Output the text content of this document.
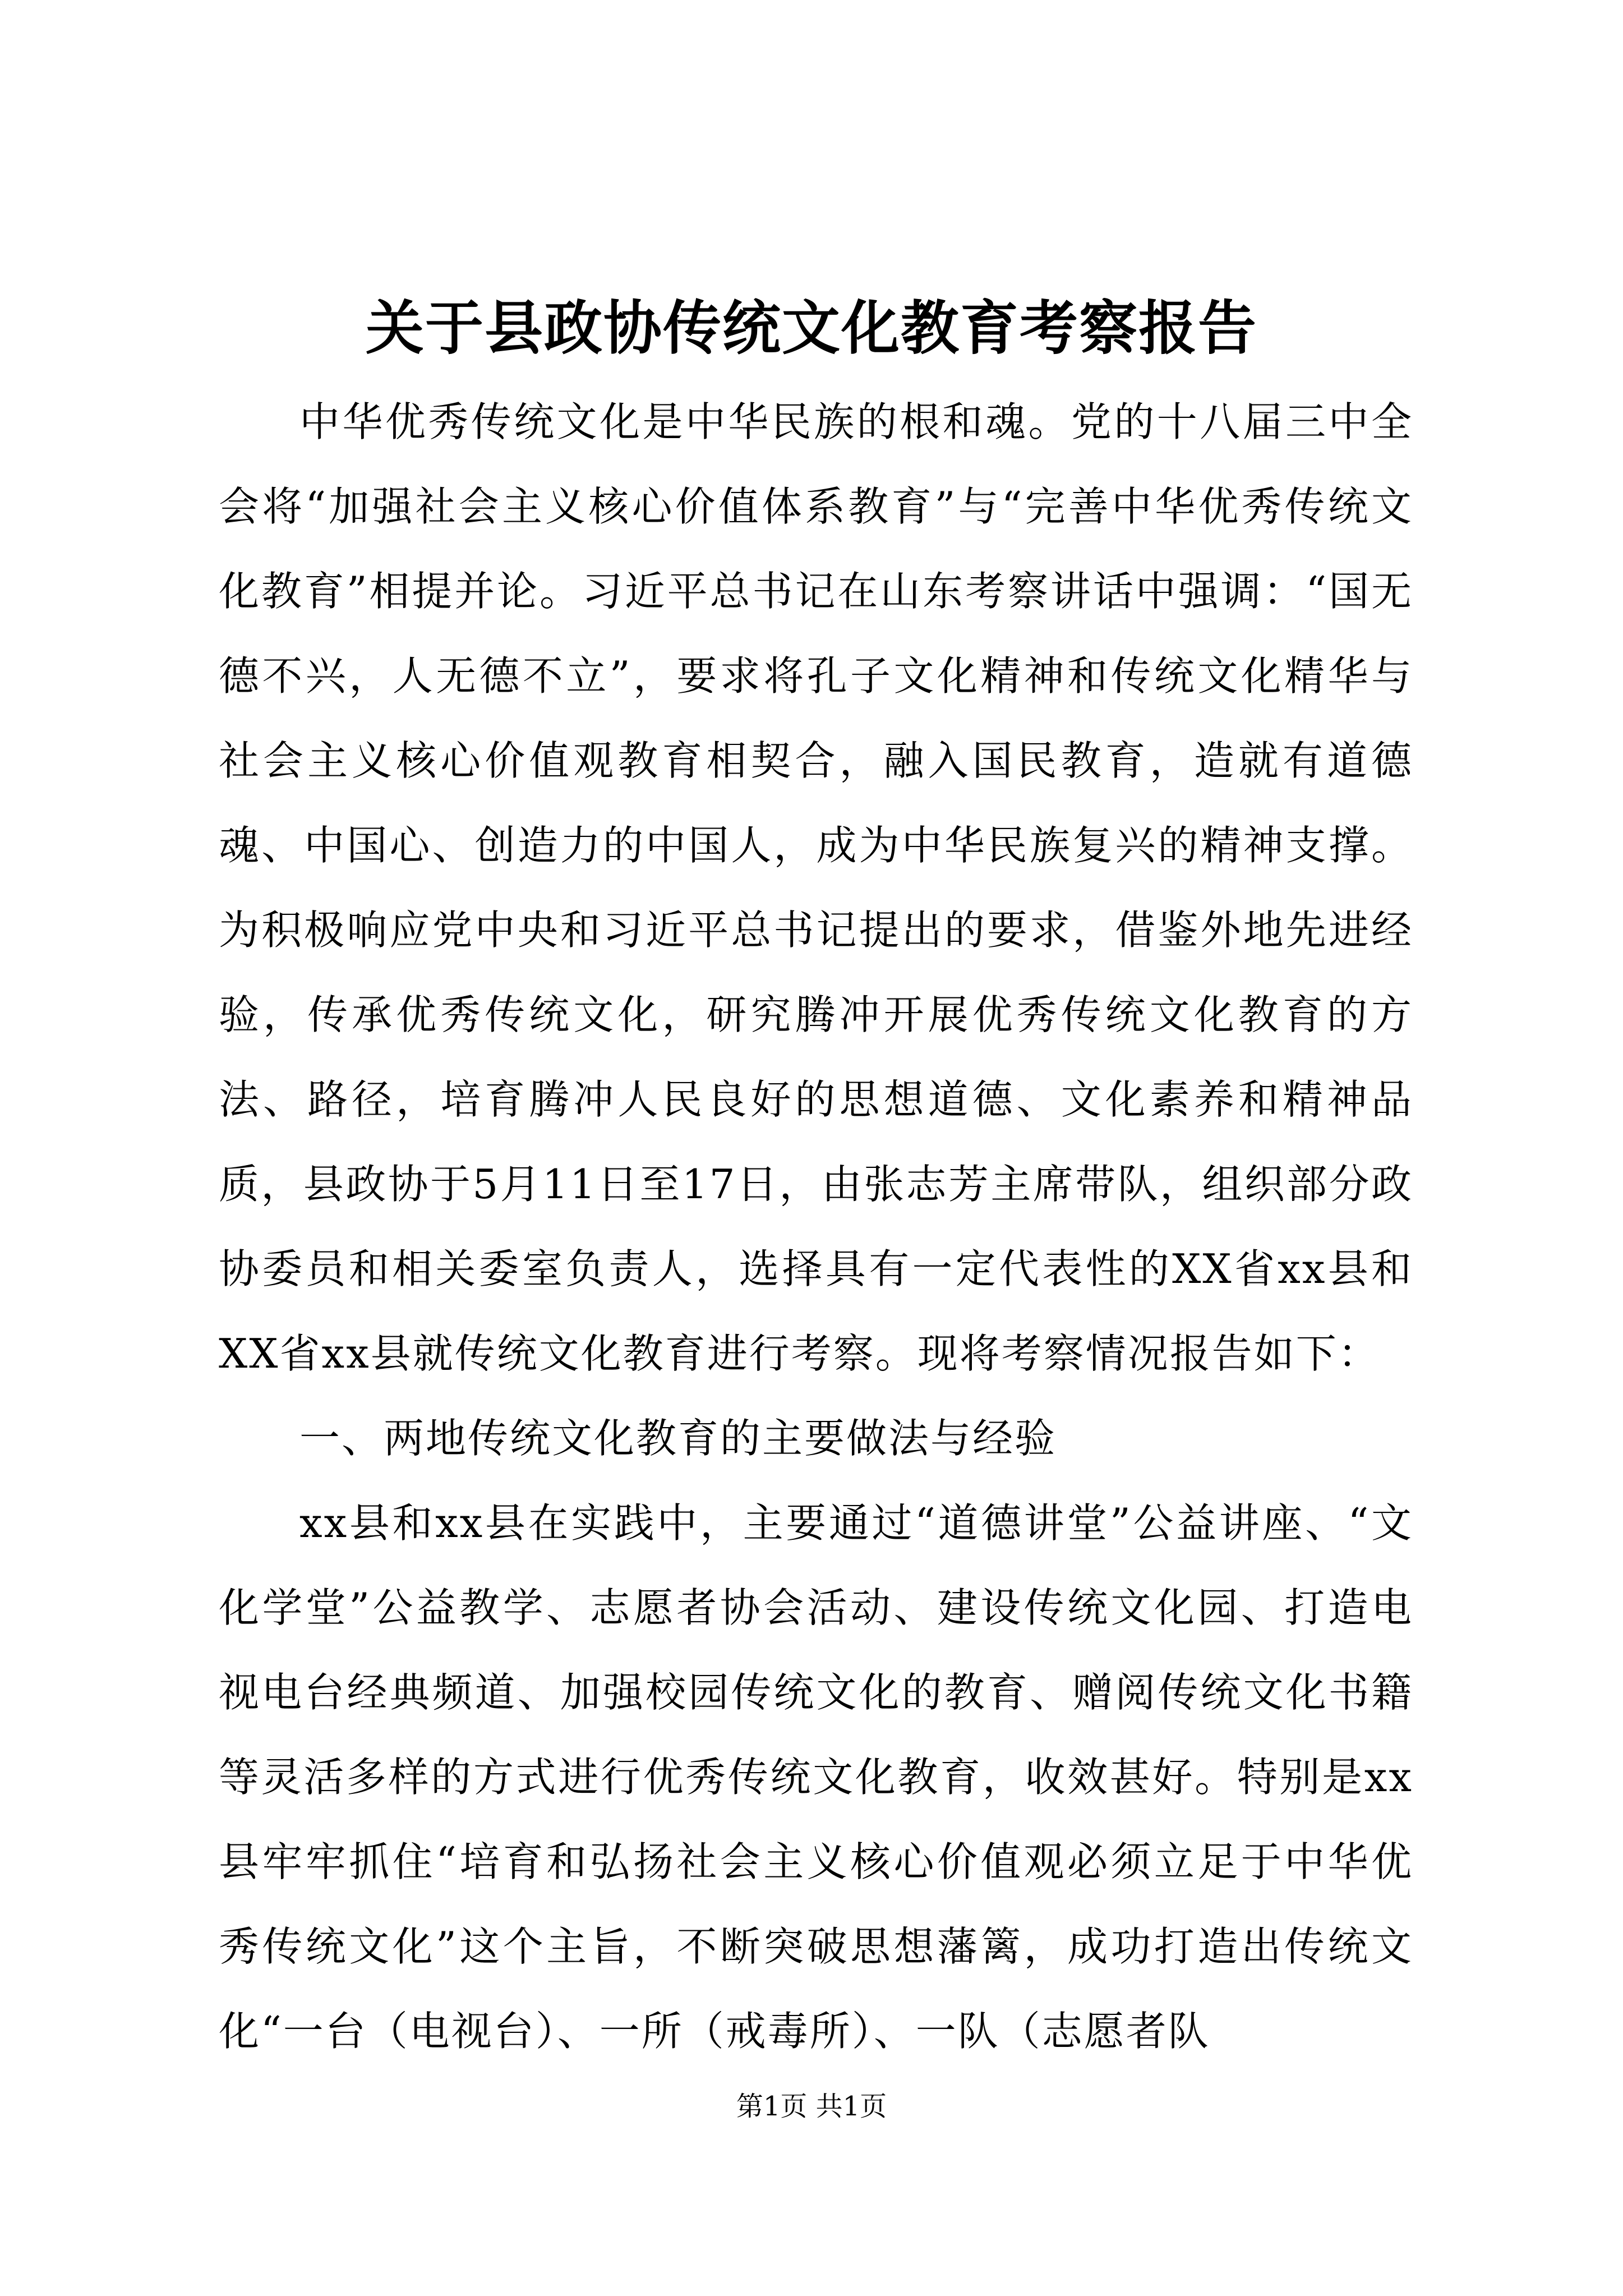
关于县政协传统文化教育考察报告

中华优秀传统文化是中华民族的根和魂。党的十八届三中全会将“加强社会主义核心价值体系教育”与“完善中华优秀传统文化教育”相提并论。习近平总书记在山东考察讲话中强调：“国无德不兴，人无德不立”，要求将孔子文化精神和传统文化精华与社会主义核心价值观教育相契合，融入国民教育，造就有道德魂、中国心、创造力的中国人，成为中华民族复兴的精神支撑。为积极响应党中央和习近平总书记提出的要求，借鉴外地先进经验，传承优秀传统文化，研究腾冲开展优秀传统文化教育的方法、路径，培育腾冲人民良好的思想道德、文化素养和精神品质，县政协于5月11日至17日，由张志芳主席带队，组织部分政协委员和相关委室负责人，选择具有一定代表性的XX省xx县和XX省xx县就传统文化教育进行考察。现将考察情况报告如下：

一、两地传统文化教育的主要做法与经验

xx县和xx县在实践中，主要通过“道德讲堂”公益讲座、“文化学堂”公益教学、志愿者协会活动、建设传统文化园、打造电视电台经典频道、加强校园传统文化的教育、赠阅传统文化书籍等灵活多样的方式进行优秀传统文化教育，收效甚好。特别是xx县牢牢抓住“培育和弘扬社会主义核心价值观必须立足于中华优秀传统文化”这个主旨，不断突破思想藩篱，成功打造出传统文化“一台（电视台）、一所（戒毒所）、一队（志愿者队

第1页 共1页
